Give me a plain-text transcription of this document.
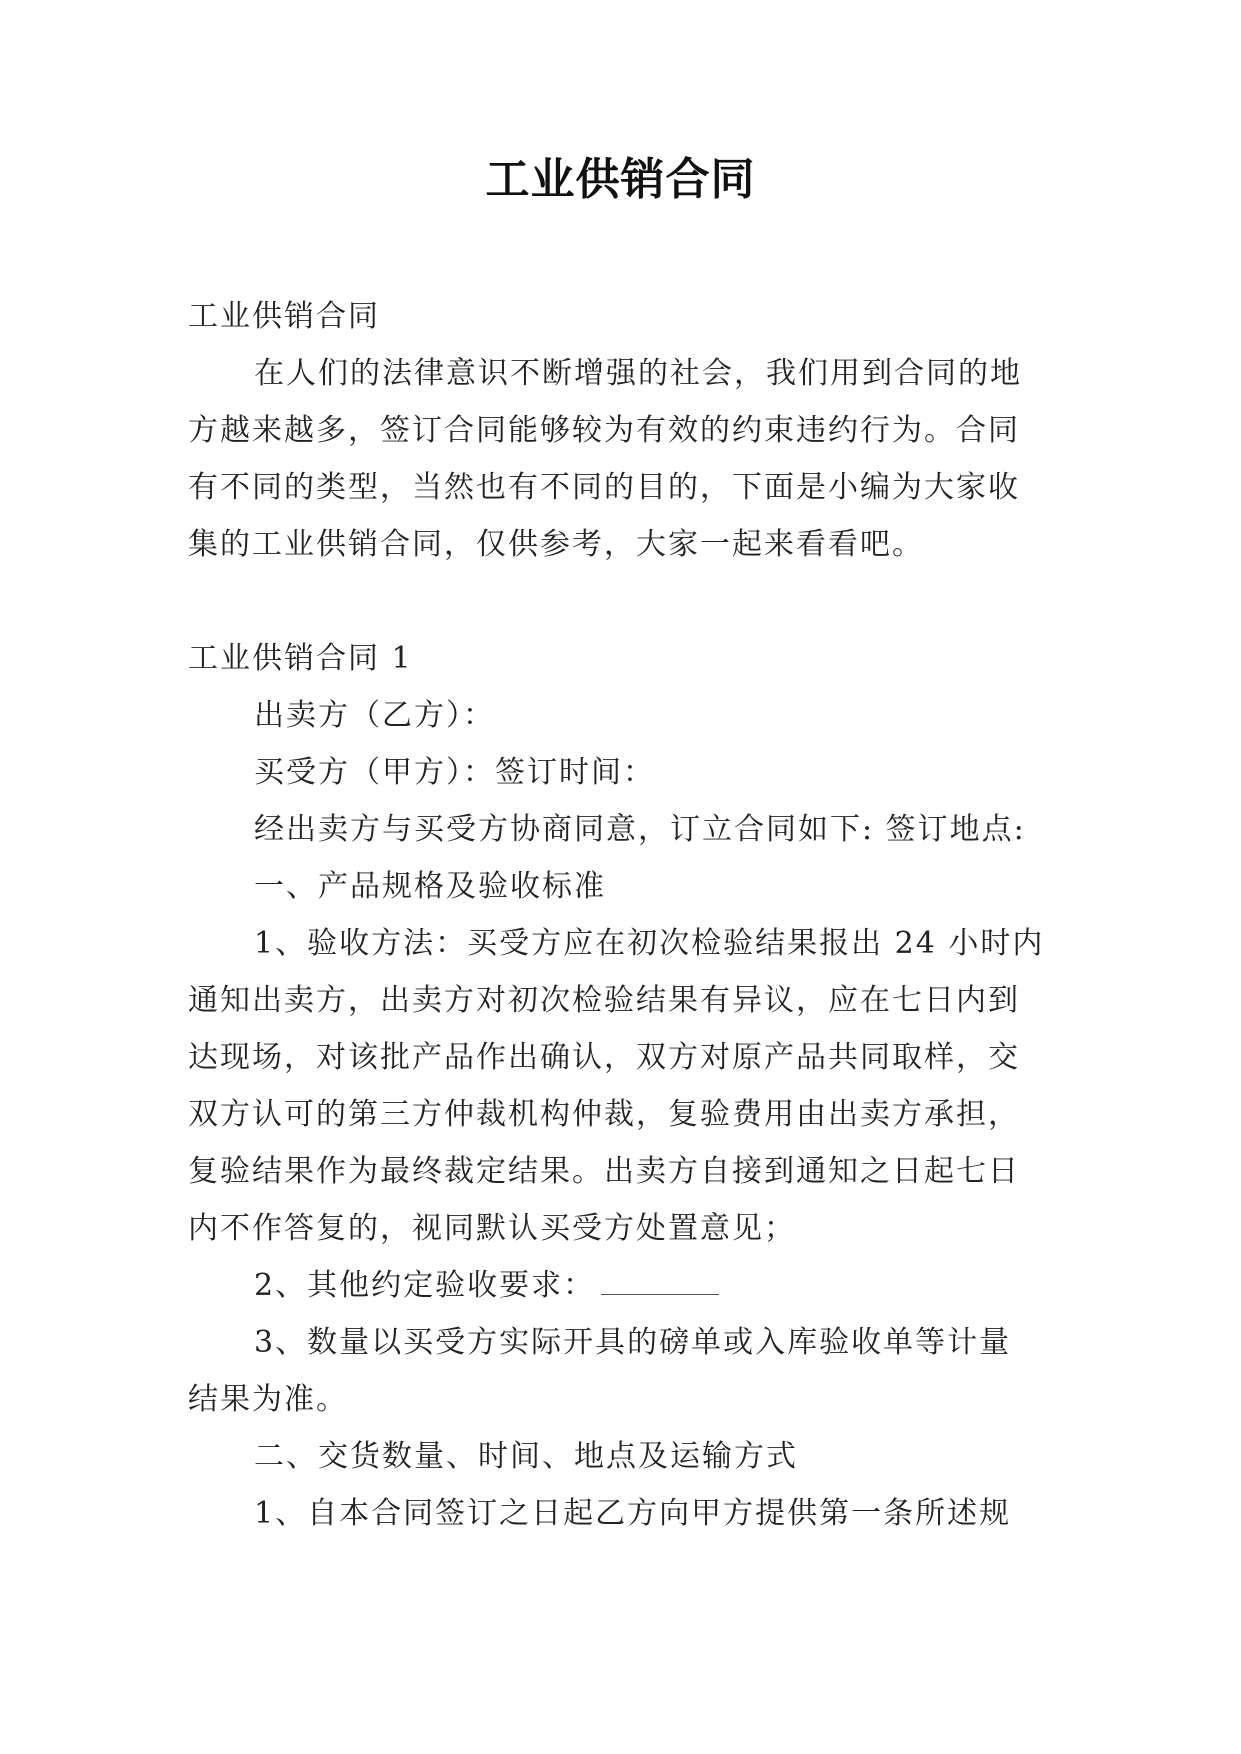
工业供销合同

工业供销合同

在人们的法律意识不断增强的社会，我们用到合同的地

方越来越多，签订合同能够较为有效的约束违约行为。合同

有不同的类型，当然也有不同的目的，下面是小编为大家收

集的工业供销合同，仅供参考，大家一起来看看吧。

工业供销合同 1

出卖方（乙方）：

买受方（甲方）：签订时间：

经出卖方与买受方协商同意，订立合同如下: 签订地点:

一、产品规格及验收标准

1、验收方法：买受方应在初次检验结果报出 24 小时内

通知出卖方，出卖方对初次检验结果有异议，应在七日内到

达现场，对该批产品作出确认，双方对原产品共同取样，交

双方认可的第三方仲裁机构仲裁，复验费用由出卖方承担，

复验结果作为最终裁定结果。出卖方自接到通知之日起七日

内不作答复的，视同默认买受方处置意见；

2、其他约定验收要求：

3、数量以买受方实际开具的磅单或入库验收单等计量

结果为准。

二、交货数量、时间、地点及运输方式

1、自本合同签订之日起乙方向甲方提供第一条所述规
